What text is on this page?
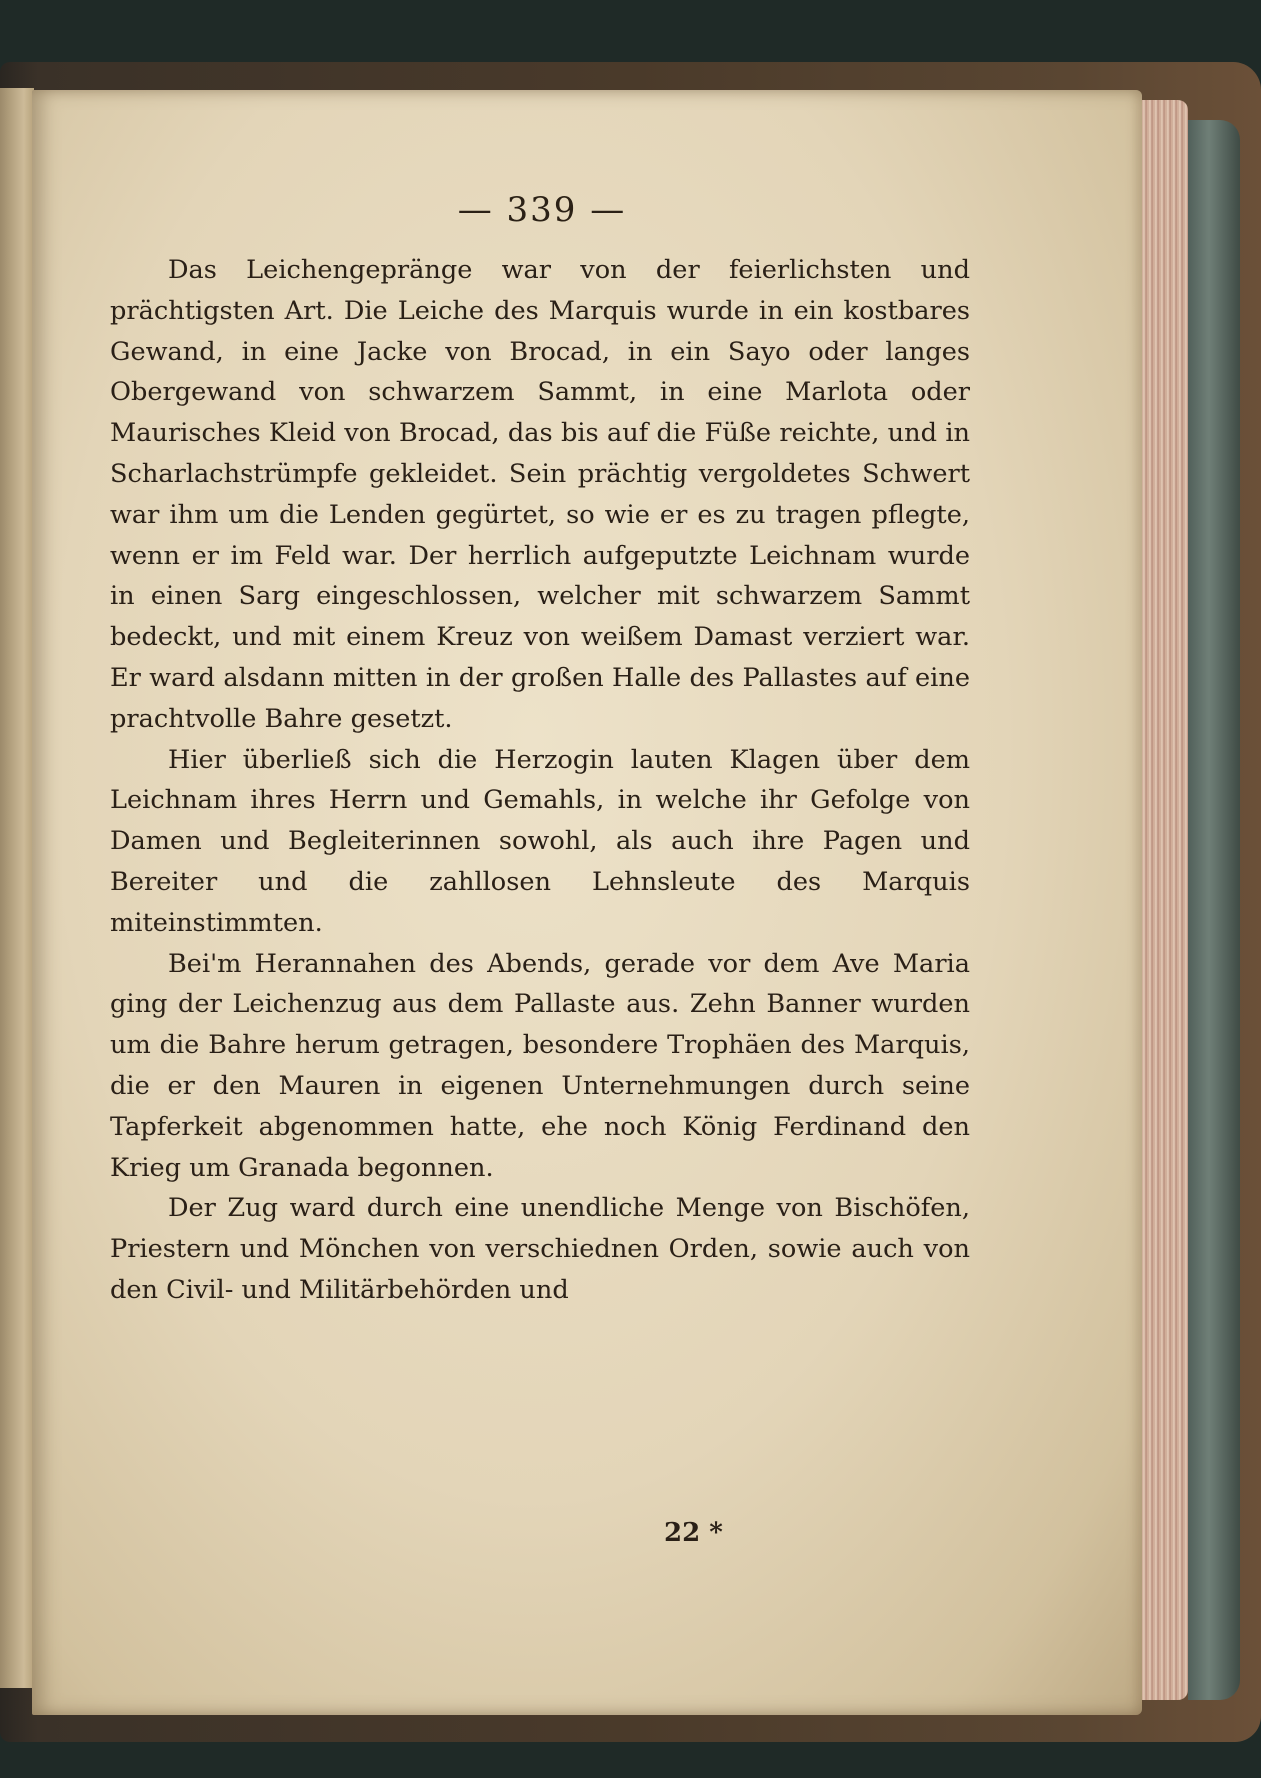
— 339 —

Das Leichengepränge war von der feierlichsten und prächtigsten Art. Die Leiche des Marquis wurde in ein kostbares Gewand, in eine Jacke von Brocad, in ein Sayo oder langes Obergewand von schwarzem Sammt, in eine Marlota oder Maurisches Kleid von Brocad, das bis auf die Füße reichte, und in Scharlachstrümpfe gekleidet. Sein prächtig vergoldetes Schwert war ihm um die Lenden gegürtet, so wie er es zu tragen pflegte, wenn er im Feld war. Der herrlich aufgeputzte Leichnam wurde in einen Sarg eingeschlossen, welcher mit schwarzem Sammt bedeckt, und mit einem Kreuz von weißem Damast verziert war. Er ward alsdann mitten in der großen Halle des Pallastes auf eine prachtvolle Bahre gesetzt.

Hier überließ sich die Herzogin lauten Klagen über dem Leichnam ihres Herrn und Gemahls, in welche ihr Gefolge von Damen und Begleiterinnen sowohl, als auch ihre Pagen und Bereiter und die zahllosen Lehnsleute des Marquis miteinstimmten.

Bei'm Herannahen des Abends, gerade vor dem Ave Maria ging der Leichenzug aus dem Pallaste aus. Zehn Banner wurden um die Bahre herum getragen, besondere Trophäen des Marquis, die er den Mauren in eigenen Unternehmungen durch seine Tapferkeit abgenommen hatte, ehe noch König Ferdinand den Krieg um Granada begonnen.

Der Zug ward durch eine unendliche Menge von Bischöfen, Priestern und Mönchen von verschiednen Orden, sowie auch von den Civil- und Militärbehörden und

22 *
